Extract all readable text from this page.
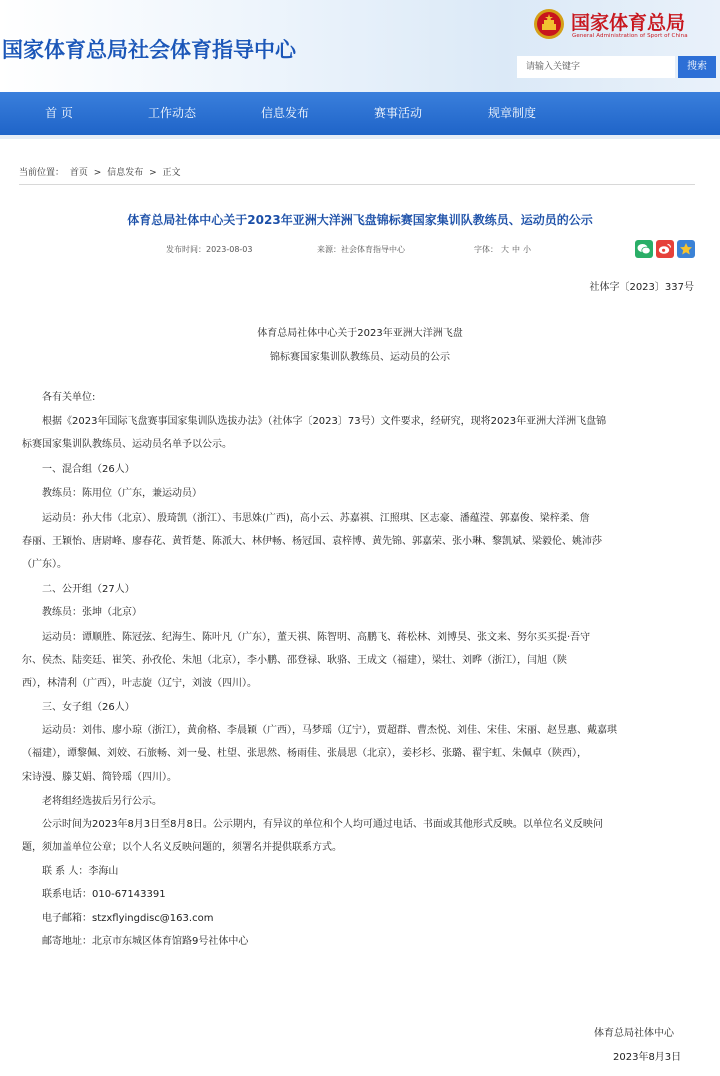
国家体育总局社会体育指导中心
国家体育总局
General Administration of Sport of China
请输入关键字
搜索
首 页	工作动态	信息发布	赛事活动	规章制度
当前位置： 首页 > 信息发布 > 正文
体育总局社体中心关于2023年亚洲大洋洲飞盘锦标赛国家集训队教练员、运动员的公示
发布时间：2023-08-03	来源：社会体育指导中心	字体： 大 中 小
社体字〔2023〕337号
体育总局社体中心关于2023年亚洲大洋洲飞盘
锦标赛国家集训队教练员、运动员的公示
各有关单位:
根据《2023年国际飞盘赛事国家集训队选拔办法》（社体字〔2023〕73号）文件要求，经研究，现将2023年亚洲大洋洲飞盘锦
标赛国家集训队教练员、运动员名单予以公示。
一、混合组（26人）
教练员：陈用位（广东，兼运动员）
运动员：孙大伟（北京）、殷琦凯（浙江）、韦思姝(广西)，高小云、苏嘉祺、江照琪、区志豪、潘蕴滢、郭嘉俊、梁梓柔、詹
春丽、王颖怡、唐尉峰、廖春花、黄哲楚、陈派大、林伊畅、杨冠国、袁梓博、黄先锦、郭嘉荣、张小琳、黎凯斌、梁毅伦、姚沛莎
（广东）。
二、公开组（27人）
教练员：张坤（北京）
运动员：谭顺胜、陈冠弦、纪海生、陈叶凡（广东），董天祺、陈智明、高鹏飞、蒋松林、刘博昊、张文来、努尔买买提·吾守
尔、侯杰、陆奕廷、崔笑、孙孜伦、朱旭（北京），李小鹏、邵登禄、耿骆、王成文（福建），梁壮、刘晔（浙江），闫旭（陕
西），林清利（广西），叶志旋（辽宁，刘波（四川）。
三、女子组（26人）
运动员：刘伟、廖小琼（浙江），黄俞格、李晨颖（广西），马梦瑶（辽宁），贾超群、曹杰悦、刘佳、宋佳、宋丽、赵昱惠、戴嘉琪
（福建），谭黎佩、刘姣、石旅畅、刘一曼、杜望、张思然、杨雨佳、张晨思（北京），姜杉杉、张璐、翟宇虹、朱佩卓（陕西），
宋诗漫、滕艾娟、简铃瑶（四川）。
老将组经选拔后另行公示。
公示时间为2023年8月3日至8月8日。公示期内，有异议的单位和个人均可通过电话、书面或其他形式反映。以单位名义反映问
题，须加盖单位公章；以个人名义反映问题的，须署名并提供联系方式。
联 系 人：李海山
联系电话：010-67143391
电子邮箱：stzxflyingdisc@163.com
邮寄地址：北京市东城区体育馆路9号社体中心
体育总局社体中心
2023年8月3日
